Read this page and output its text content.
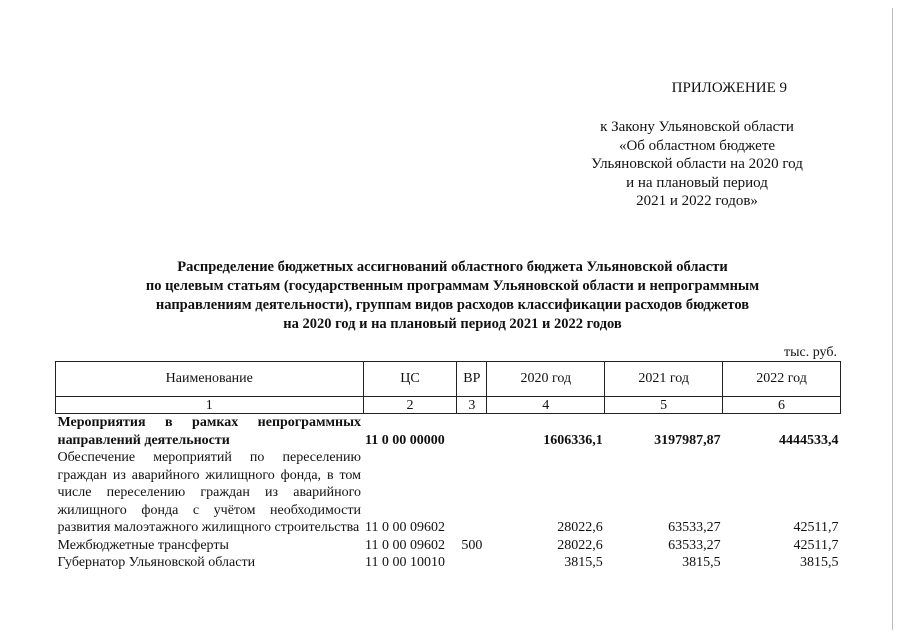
ПРИЛОЖЕНИЕ 9
к Закону Ульяновской области
«Об областном бюджете
Ульяновской области на 2020 год
и на плановый период
2021 и 2022 годов»
Распределение бюджетных ассигнований областного бюджета Ульяновской области
по целевым статьям (государственным программам Ульяновской области и непрограммным
направлениям деятельности), группам видов расходов классификации расходов бюджетов
на 2020 год и на плановый период 2021 и 2022 годов
тыс. руб.
Наименование	ЦС	ВР	2020 год	2021 год	2022 год
1	2	3	4	5	6
Мероприятия в рамках непрограммных направлений деятельности	11 0 00 00000		1606336,1	3197987,87	4444533,4
Обеспечение мероприятий по переселению граждан из аварийного жилищного фонда, в том числе переселению граждан из аварийного жилищного фонда с учётом необходимости развития малоэтажного жилищного строительства	11 0 00 09602		28022,6	63533,27	42511,7
Межбюджетные трансферты	11 0 00 09602	500	28022,6	63533,27	42511,7
Губернатор Ульяновской области	11 0 00 10010		3815,5	3815,5	3815,5
